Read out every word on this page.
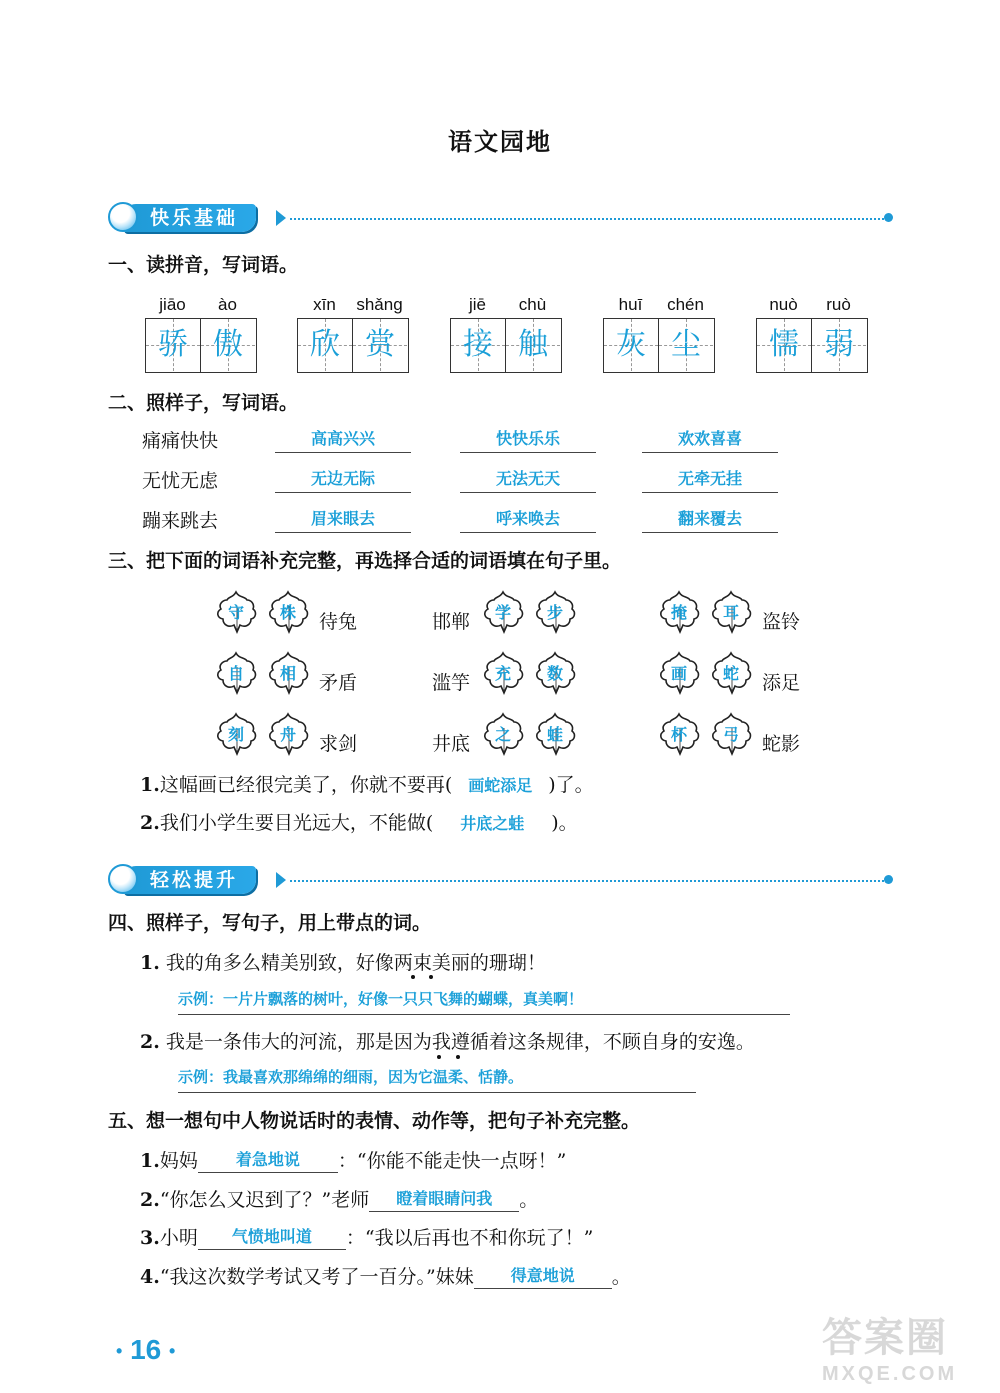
语文园地
快乐基础
一、读拼音，写词语。
jiāo	ào
骄 傲
xīn	shǎng
欣 赏
jiē	chù
接 触
huī	chén
灰 尘
nuò	ruò
懦 弱
二、照样子，写词语。
痛痛快快	高高兴兴	快快乐乐	欢欢喜喜
无忧无虑	无边无际	无法无天	无牵无挂
蹦来跳去	眉来眼去	呼来唤去	翻来覆去
三、把下面的词语补充完整，再选择合适的词语填在句子里。
守	株	待兔	邯郸	学	步	掩	耳	盗铃
自	相	矛盾	滥竽	充	数	画	蛇	添足
刻	舟	求剑	井底	之	蛙	杯	弓	蛇影
1.这幅画已经很完美了，你就不要再( 画蛇添足 )了。
2.我们小学生要目光远大，不能做( 井底之蛙 )。
轻松提升
四、照样子，写句子，用上带点的词。
1. 我的角多么精美别致，好像两束美丽的珊瑚！
示例：一片片飘落的树叶，好像一只只飞舞的蝴蝶，真美啊！
2. 我是一条伟大的河流，那是因为我遵循着这条规律，不顾自身的安逸。
示例：我最喜欢那绵绵的细雨，因为它温柔、恬静。
五、想一想句中人物说话时的表情、动作等，把句子补充完整。
1.妈妈 着急地说 ：“你能不能走快一点呀！”
2.“你怎么又迟到了？”老师 瞪着眼睛问我 。
3.小明 气愤地叫道 ：“我以后再也不和你玩了！”
4.“我这次数学考试又考了一百分。”妹妹 得意地说 。
• 16 •	答案圈
MXQE.COM
